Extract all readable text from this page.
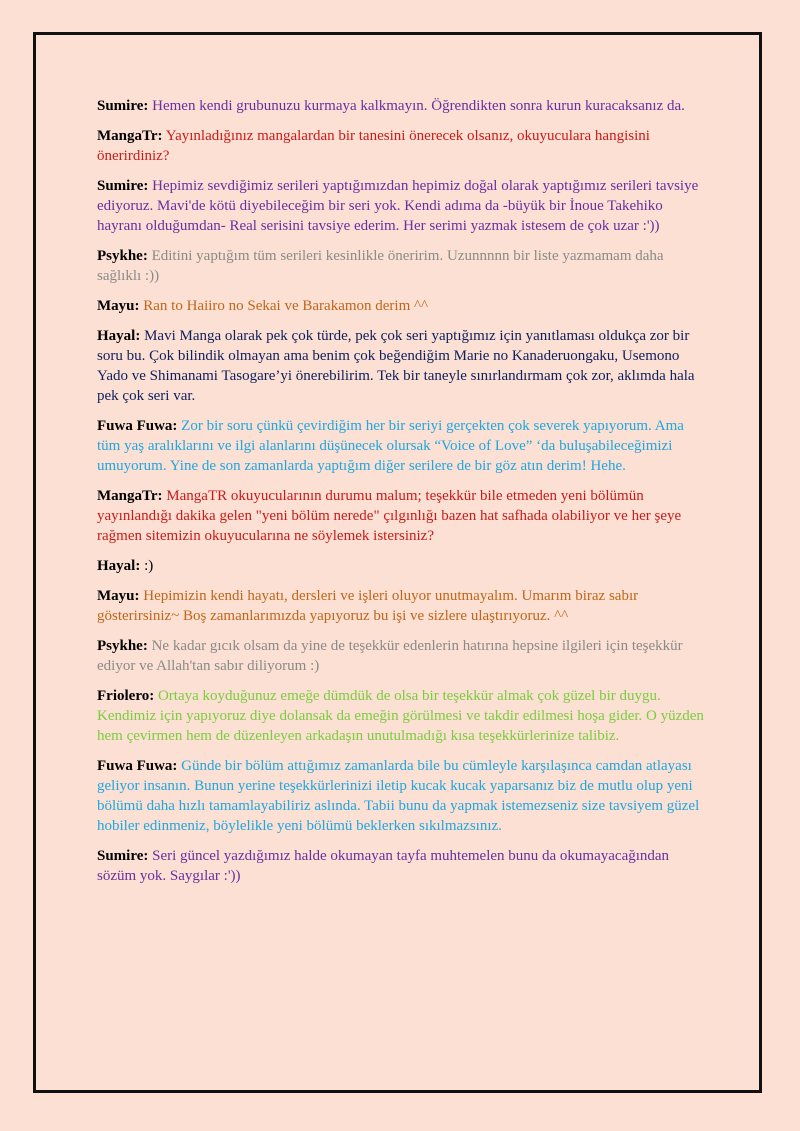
Sumire: Hemen kendi grubunuzu kurmaya kalkmayın. Öğrendikten sonra kurun kuracaksanız da.

MangaTr: Yayınladığınız mangalardan bir tanesini önerecek olsanız, okuyuculara hangisini önerirdiniz?

Sumire: Hepimiz sevdiğimiz serileri yaptığımızdan hepimiz doğal olarak yaptığımız serileri tavsiye ediyoruz. Mavi'de kötü diyebileceğim bir seri yok. Kendi adıma da -büyük bir İnoue Takehiko hayranı olduğumdan- Real serisini tavsiye ederim. Her serimi yazmak istesem de çok uzar :'))

Psykhe: Editini yaptığım tüm serileri kesinlikle öneririm. Uzunnnnn bir liste yazmamam daha sağlıklı :))

Mayu: Ran to Haiiro no Sekai ve Barakamon derim ^^

Hayal: Mavi Manga olarak pek çok türde, pek çok seri yaptığımız için yanıtlaması oldukça zor bir soru bu. Çok bilindik olmayan ama benim çok beğendiğim Marie no Kanaderuongaku, Usemono Yado ve Shimanami Tasogare’yi önerebilirim. Tek bir taneyle sınırlandırmam çok zor, aklımda hala pek çok seri var.

Fuwa Fuwa: Zor bir soru çünkü çevirdiğim her bir seriyi gerçekten çok severek yapıyorum. Ama tüm yaş aralıklarını ve ilgi alanlarını düşünecek olursak “Voice of Love” ‘da buluşabileceğimizi umuyorum. Yine de son zamanlarda yaptığım diğer serilere de bir göz atın derim! Hehe.

MangaTr: MangaTR okuyucularının durumu malum; teşekkür bile etmeden yeni bölümün yayınlandığı dakika gelen "yeni bölüm nerede" çılgınlığı bazen hat safhada olabiliyor ve her şeye rağmen sitemizin okuyucularına ne söylemek istersiniz?

Hayal: :)

Mayu: Hepimizin kendi hayatı, dersleri ve işleri oluyor unutmayalım. Umarım biraz sabır gösterirsiniz~ Boş zamanlarımızda yapıyoruz bu işi ve sizlere ulaştırıyoruz. ^^

Psykhe: Ne kadar gıcık olsam da yine de teşekkür edenlerin hatırına hepsine ilgileri için teşekkür ediyor ve Allah'tan sabır diliyorum :)

Friolero: Ortaya koyduğunuz emeğe dümdük de olsa bir teşekkür almak çok güzel bir duygu. Kendimiz için yapıyoruz diye dolansak da emeğin görülmesi ve takdir edilmesi hoşa gider. O yüzden hem çevirmen hem de düzenleyen arkadaşın unutulmadığı kısa teşekkürlerinize talibiz.

Fuwa Fuwa: Günde bir bölüm attığımız zamanlarda bile bu cümleyle karşılaşınca camdan atlayası geliyor insanın. Bunun yerine teşekkürlerinizi iletip kucak kucak yaparsanız biz de mutlu olup yeni bölümü daha hızlı tamamlayabiliriz aslında. Tabii bunu da yapmak istemezseniz size tavsiyem güzel hobiler edinmeniz, böylelikle yeni bölümü beklerken sıkılmazsınız.

Sumire: Seri güncel yazdığımız halde okumayan tayfa muhtemelen bunu da okumayacağından sözüm yok. Saygılar :'))
